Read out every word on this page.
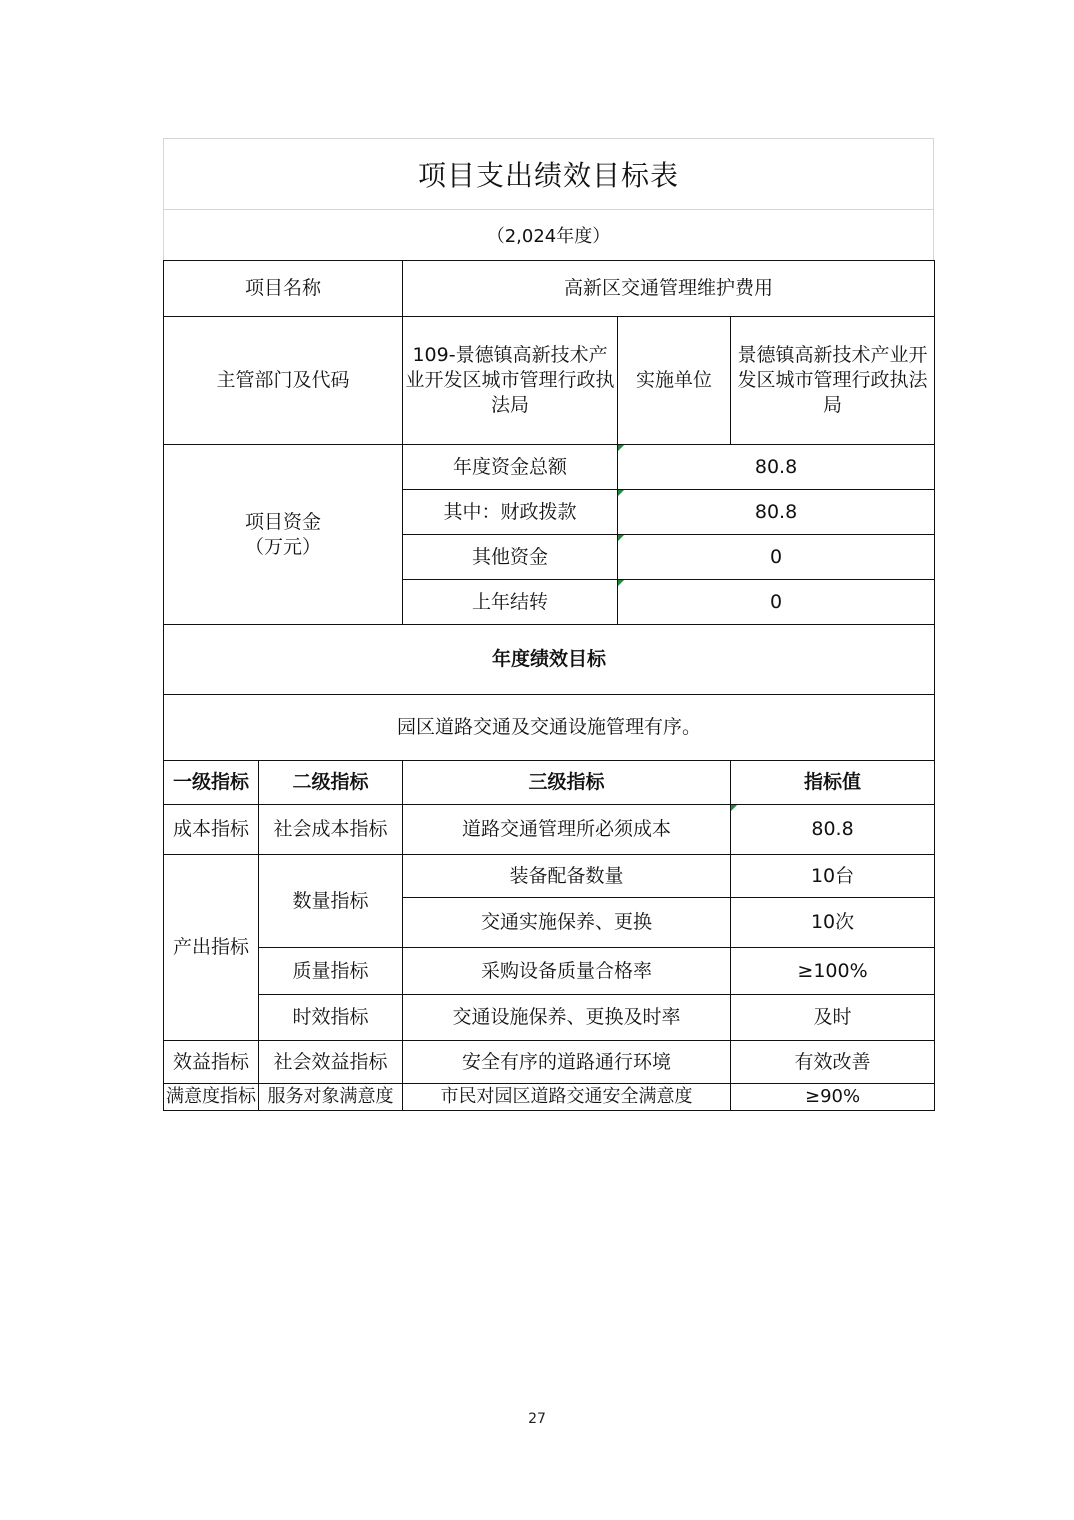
项目支出绩效目标表
（2,024年度）
项目名称		高新区交通管理维护费用		
主管部门及代码		109-景德镇高新技术产业开发区城市管理行政执法局	实施单位	景德镇高新技术产业开发区城市管理行政执法局
项目资金
（万元）		年度资金总额	80.8	
		其中：财政拨款	80.8	
		其他资金	0	
		上年结转	0	
年度绩效目标				
园区道路交通及交通设施管理有序。				
一级指标	二级指标	三级指标		指标值
成本指标	社会成本指标	道路交通管理所必须成本		80.8
产出指标	数量指标	装备配备数量		10台
		交通实施保养、更换		10次
	质量指标	采购设备质量合格率		≥100%
	时效指标	交通设施保养、更换及时率		及时
效益指标	社会效益指标	安全有序的道路通行环境		有效改善
满意度指标	服务对象满意度	市民对园区道路交通安全满意度		≥90%
27
